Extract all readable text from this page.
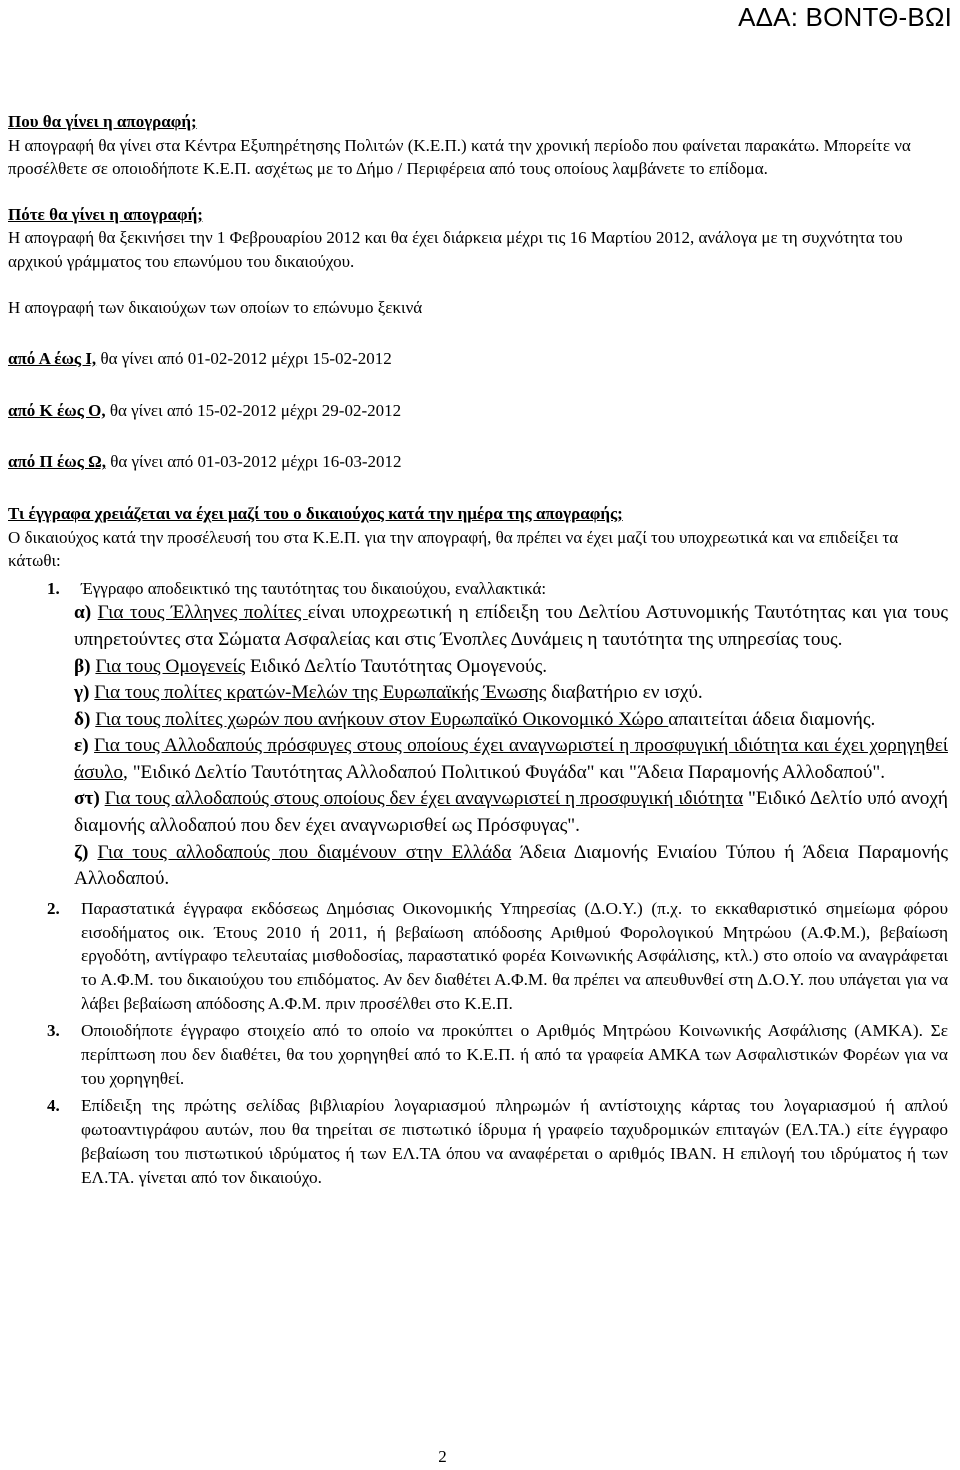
ΑΔΑ: ΒΟΝΤΘ-ΒΩΙ

Που θα γίνει η απογραφή;

Η απογραφή θα γίνει στα Κέντρα Εξυπηρέτησης Πολιτών (Κ.Ε.Π.) κατά την χρονική περίοδο που φαίνεται παρακάτω. Μπορείτε να προσέλθετε σε οποιοδήποτε Κ.Ε.Π. ασχέτως με το Δήμο / Περιφέρεια από τους οποίους λαμβάνετε το επίδομα.

Πότε θα γίνει η απογραφή;

Η απογραφή θα ξεκινήσει την 1 Φεβρουαρίου 2012 και θα έχει διάρκεια μέχρι τις 16 Μαρτίου 2012, ανάλογα με τη συχνότητα του αρχικού γράμματος του επωνύμου του δικαιούχου.

Η απογραφή των δικαιούχων των οποίων το επώνυμο ξεκινά

από Α έως Ι, θα γίνει από 01-02-2012 μέχρι 15-02-2012

από Κ έως Ο, θα γίνει από 15-02-2012 μέχρι 29-02-2012

από Π έως Ω, θα γίνει από 01-03-2012 μέχρι 16-03-2012

Τι έγγραφα χρειάζεται να έχει μαζί του ο δικαιούχος κατά την ημέρα της απογραφής;

Ο δικαιούχος κατά την προσέλευσή του στα Κ.Ε.Π. για την απογραφή, θα πρέπει να έχει μαζί του υποχρεωτικά και να επιδείξει τα κάτωθι:

1.	Έγγραφο αποδεικτικό της ταυτότητας του δικαιούχου, εναλλακτικά:
α) Για τους Έλληνες πολίτες είναι υποχρεωτική η επίδειξη του Δελτίου Αστυνομικής Ταυτότητας και για τους υπηρετούντες στα Σώματα Ασφαλείας και στις Ένοπλες Δυνάμεις η ταυτότητα της υπηρεσίας τους.
β) Για τους Ομογενείς Ειδικό Δελτίο Ταυτότητας Ομογενούς.
γ) Για τους πολίτες κρατών-Μελών της Ευρωπαϊκής Ένωσης διαβατήριο εν ισχύ.
δ) Για τους πολίτες χωρών που ανήκουν στον Ευρωπαϊκό Οικονομικό Χώρο απαιτείται άδεια διαμονής.
ε) Για τους Αλλοδαπούς πρόσφυγες στους οποίους έχει αναγνωριστεί η προσφυγική ιδιότητα και έχει χορηγηθεί άσυλο, "Ειδικό Δελτίο Ταυτότητας Αλλοδαπού Πολιτικού Φυγάδα" και "Άδεια Παραμονής Αλλοδαπού".
στ) Για τους αλλοδαπούς στους οποίους δεν έχει αναγνωριστεί η προσφυγική ιδιότητα "Ειδικό Δελτίο υπό ανοχή διαμονής αλλοδαπού που δεν έχει αναγνωρισθεί ως Πρόσφυγας".
ζ) Για τους αλλοδαπούς που διαμένουν στην Ελλάδα Άδεια Διαμονής Ενιαίου Τύπου ή Άδεια Παραμονής Αλλοδαπού.
2.	Παραστατικά έγγραφα εκδόσεως Δημόσιας Οικονομικής Υπηρεσίας (Δ.Ο.Υ.) (π.χ. το εκκαθαριστικό σημείωμα φόρου εισοδήματος οικ. Έτους 2010 ή 2011, ή βεβαίωση απόδοσης Αριθμού Φορολογικού Μητρώου (Α.Φ.Μ.), βεβαίωση εργοδότη, αντίγραφο τελευταίας μισθοδοσίας, παραστατικό φορέα Κοινωνικής Ασφάλισης, κτλ.) στο οποίο να αναγράφεται το Α.Φ.Μ. του δικαιούχου του επιδόματος. Αν δεν διαθέτει Α.Φ.Μ. θα πρέπει να απευθυνθεί στη Δ.Ο.Υ. που υπάγεται για να λάβει βεβαίωση απόδοσης Α.Φ.Μ. πριν προσέλθει στο Κ.Ε.Π.
3.	Οποιοδήποτε έγγραφο στοιχείο από το οποίο να προκύπτει ο Αριθμός Μητρώου Κοινωνικής Ασφάλισης (ΑΜΚΑ). Σε περίπτωση που δεν διαθέτει, θα του χορηγηθεί από το Κ.Ε.Π. ή από τα γραφεία ΑΜΚΑ των Ασφαλιστικών Φορέων για να του χορηγηθεί.
4.	Επίδειξη της πρώτης σελίδας βιβλιαρίου λογαριασμού πληρωμών ή αντίστοιχης κάρτας του λογαριασμού ή απλού φωτοαντιγράφου αυτών, που θα τηρείται σε πιστωτικό ίδρυμα ή γραφείο ταχυδρομικών επιταγών (ΕΛ.ΤΑ.) είτε έγγραφο βεβαίωση του πιστωτικού ιδρύματος ή των ΕΛ.ΤΑ όπου να αναφέρεται ο αριθμός IBAN. Η επιλογή του ιδρύματος ή των ΕΛ.ΤΑ. γίνεται από τον δικαιούχο.
2
